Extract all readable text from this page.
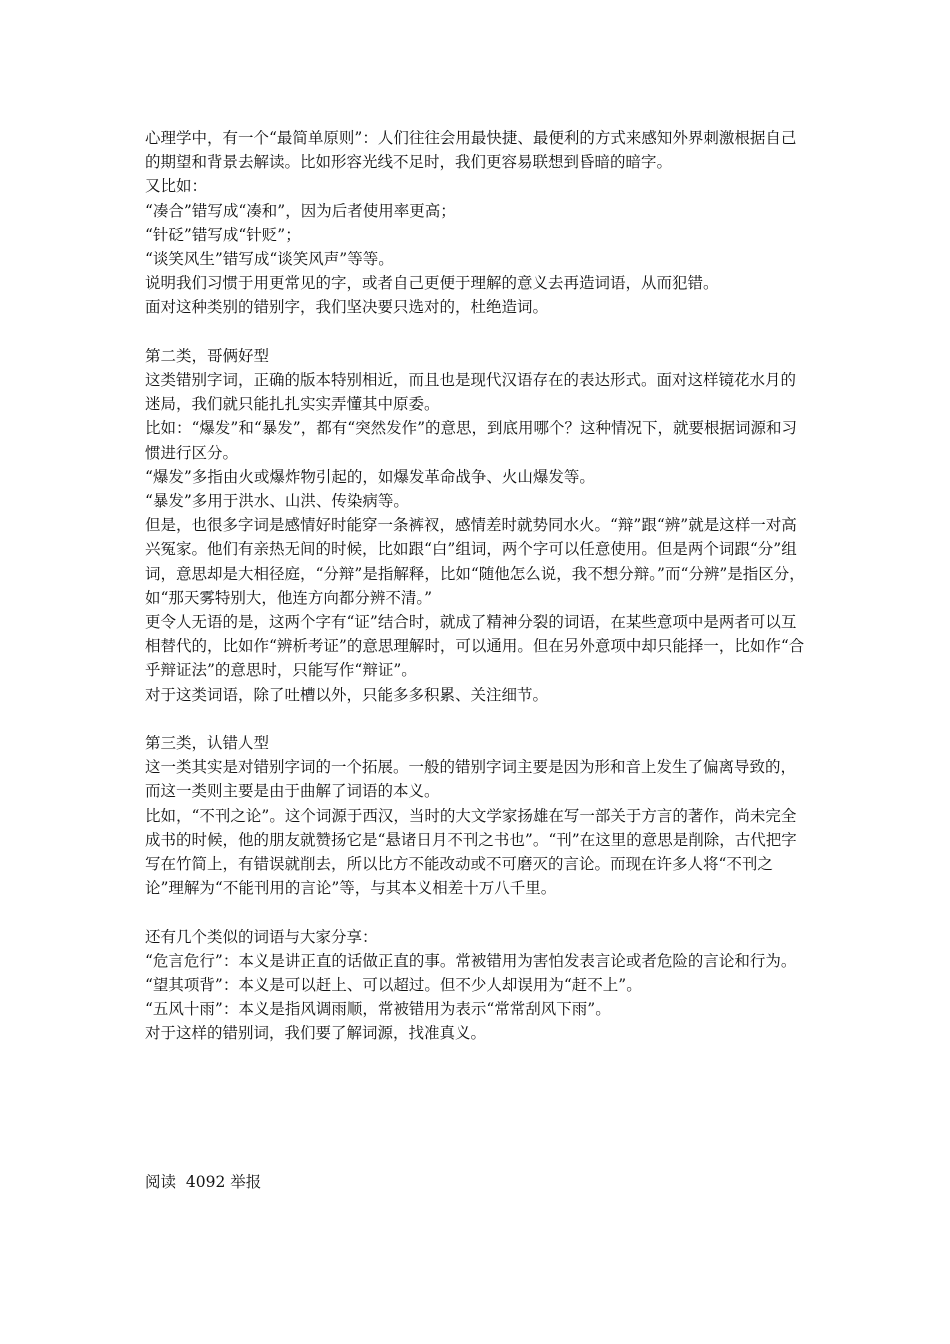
心理学中，有一个“最简单原则”：人们往往会用最快捷、最便利的方式来感知外界刺激根据自己的期望和背景去解读。比如形容光线不足时，我们更容易联想到昏暗的暗字。

又比如：

“凑合”错写成“凑和”，因为后者使用率更高；

“针砭”错写成“针贬”；

“谈笑风生”错写成“谈笑风声”等等。

说明我们习惯于用更常见的字，或者自己更便于理解的意义去再造词语，从而犯错。

面对这种类别的错别字，我们坚决要只选对的，杜绝造词。

第二类，哥俩好型

这类错别字词，正确的版本特别相近，而且也是现代汉语存在的表达形式。面对这样镜花水月的迷局，我们就只能扎扎实实弄懂其中原委。

比如：“爆发”和“暴发”，都有“突然发作”的意思，到底用哪个？这种情况下，就要根据词源和习惯进行区分。

“爆发”多指由火或爆炸物引起的，如爆发革命战争、火山爆发等。

“暴发”多用于洪水、山洪、传染病等。

但是，也很多字词是感情好时能穿一条裤衩，感情差时就势同水火。“辩”跟“辨”就是这样一对高兴冤家。他们有亲热无间的时候，比如跟“白”组词，两个字可以任意使用。但是两个词跟“分”组词，意思却是大相径庭，“分辩”是指解释，比如“随他怎么说，我不想分辩。”而“分辨”是指区分，如“那天雾特别大，他连方向都分辨不清。”

更令人无语的是，这两个字有“证”结合时，就成了精神分裂的词语，在某些意项中是两者可以互相替代的，比如作“辨析考证”的意思理解时，可以通用。但在另外意项中却只能择一，比如作“合乎辩证法”的意思时，只能写作“辩证”。

对于这类词语，除了吐槽以外，只能多多积累、关注细节。

第三类，认错人型

这一类其实是对错别字词的一个拓展。一般的错别字词主要是因为形和音上发生了偏离导致的，而这一类则主要是由于曲解了词语的本义。

比如，“不刊之论”。这个词源于西汉，当时的大文学家扬雄在写一部关于方言的著作，尚未完全成书的时候，他的朋友就赞扬它是“悬诸日月不刊之书也”。“刊”在这里的意思是削除，古代把字写在竹简上，有错误就削去，所以比方不能改动或不可磨灭的言论。而现在许多人将“不刊之论”理解为“不能刊用的言论”等，与其本义相差十万八千里。

还有几个类似的词语与大家分享：

“危言危行”：本义是讲正直的话做正直的事。常被错用为害怕发表言论或者危险的言论和行为。

“望其项背”：本义是可以赶上、可以超过。但不少人却误用为“赶不上”。

“五风十雨”：本义是指风调雨顺，常被错用为表示“常常刮风下雨”。

对于这样的错别词，我们要了解词源，找准真义。

阅读 4092 举报
